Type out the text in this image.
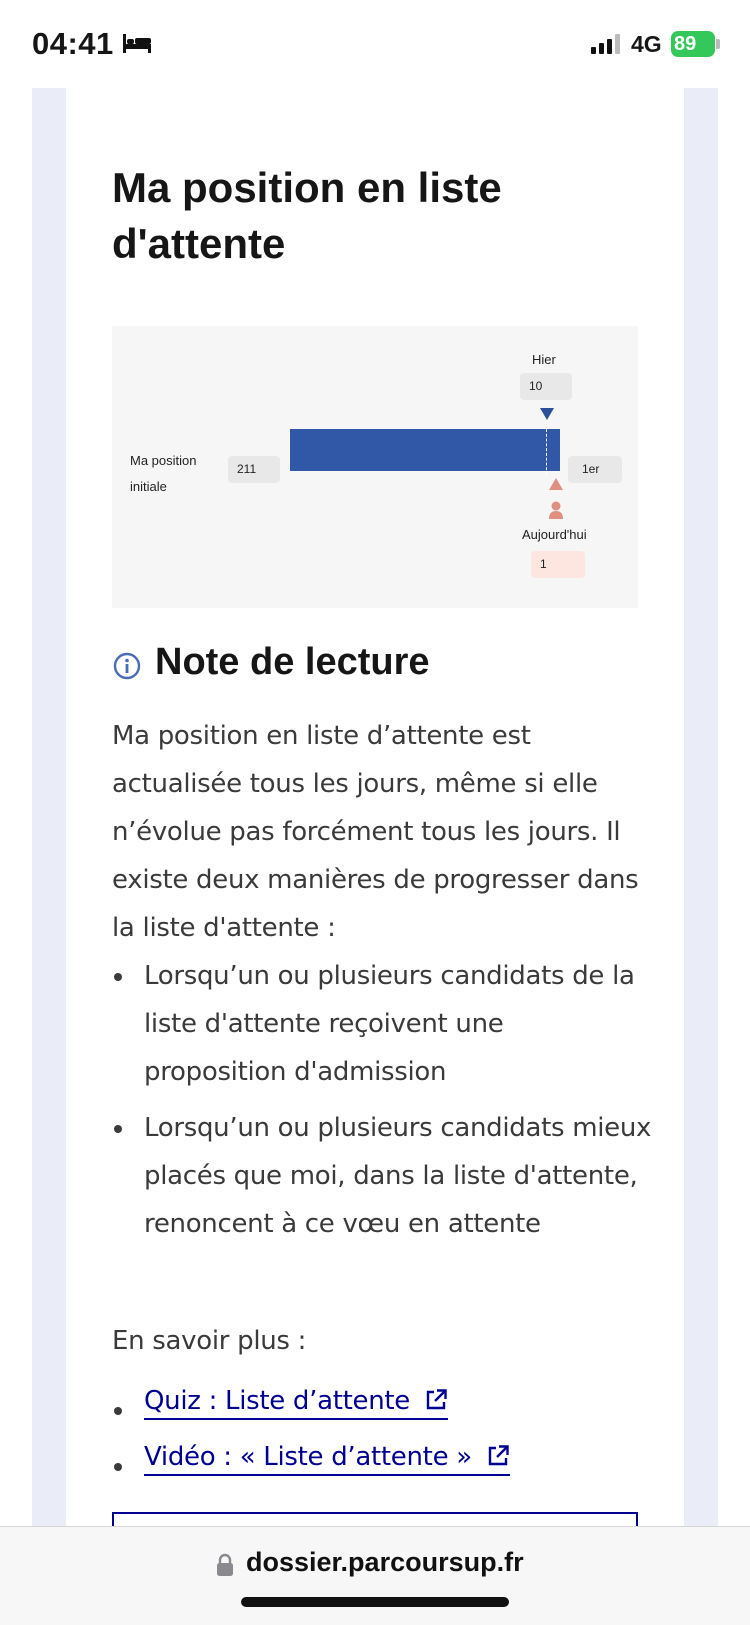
04:41	4G 89
Ma position en liste d'attente
Hier
10
Ma position initiale
211	1er
Aujourd'hui
1
Note de lecture

Ma position en liste d’attente est actualisée tous les jours, même si elle n’évolue pas forcément tous les jours. Il existe deux manières de progresser dans la liste d'attente :

Lorsqu’un ou plusieurs candidats de la liste d'attente reçoivent une proposition d'admission
Lorsqu’un ou plusieurs candidats mieux placés que moi, dans la liste d'attente, renoncent à ce vœu en attente

En savoir plus :

Quiz : Liste d’attente
Vidéo : « Liste d’attente »
dossier.parcoursup.fr
